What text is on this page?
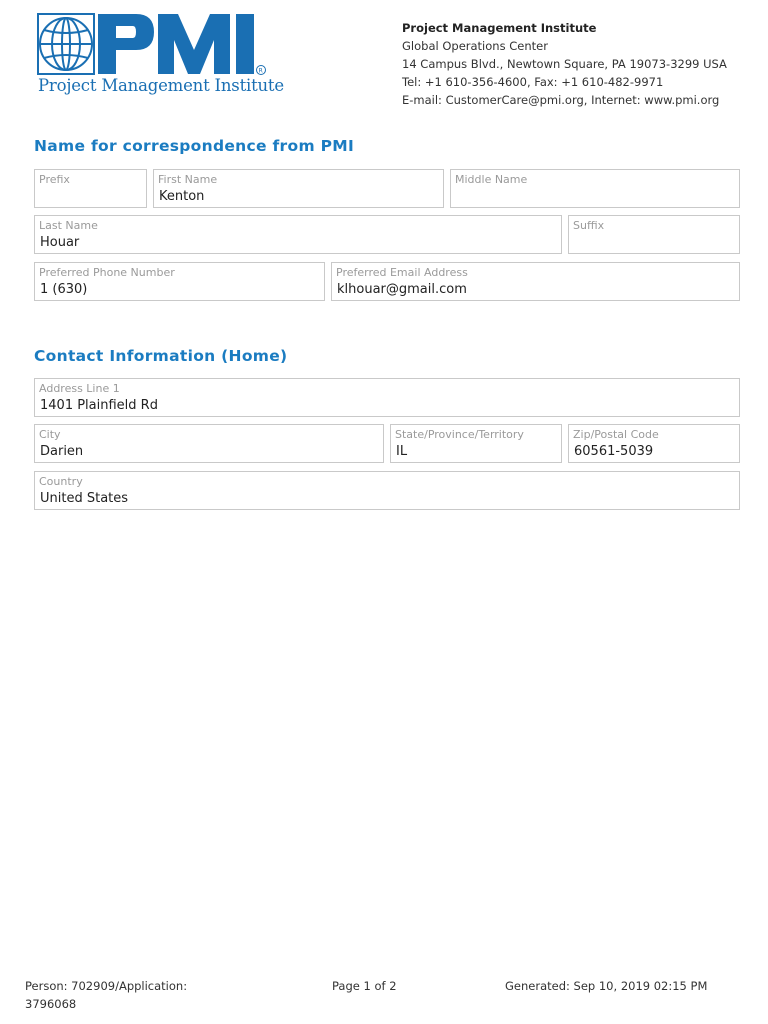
R
Project Management Institute
Project Management Institute
Global Operations Center
14 Campus Blvd., Newtown Square, PA 19073-3299 USA
Tel: +1 610-356-4600, Fax: +1 610-482-9971
E-mail: CustomerCare@pmi.org, Internet: www.pmi.org
Name for correspondence from PMI
Prefix	First Name
Kenton
Middle Name
Last Name
Houar
Suffix
Preferred Phone Number
1 (630)
Preferred Email Address
klhouar@gmail.com
Contact Information (Home)
Address Line 1
1401 Plainfield Rd
City
Darien
State/Province/Territory
IL
Zip/Postal Code
60561-5039
Country
United States
Person: 702909/Application:
3796068
Page 1 of 2	Generated: Sep 10, 2019 02:15 PM
